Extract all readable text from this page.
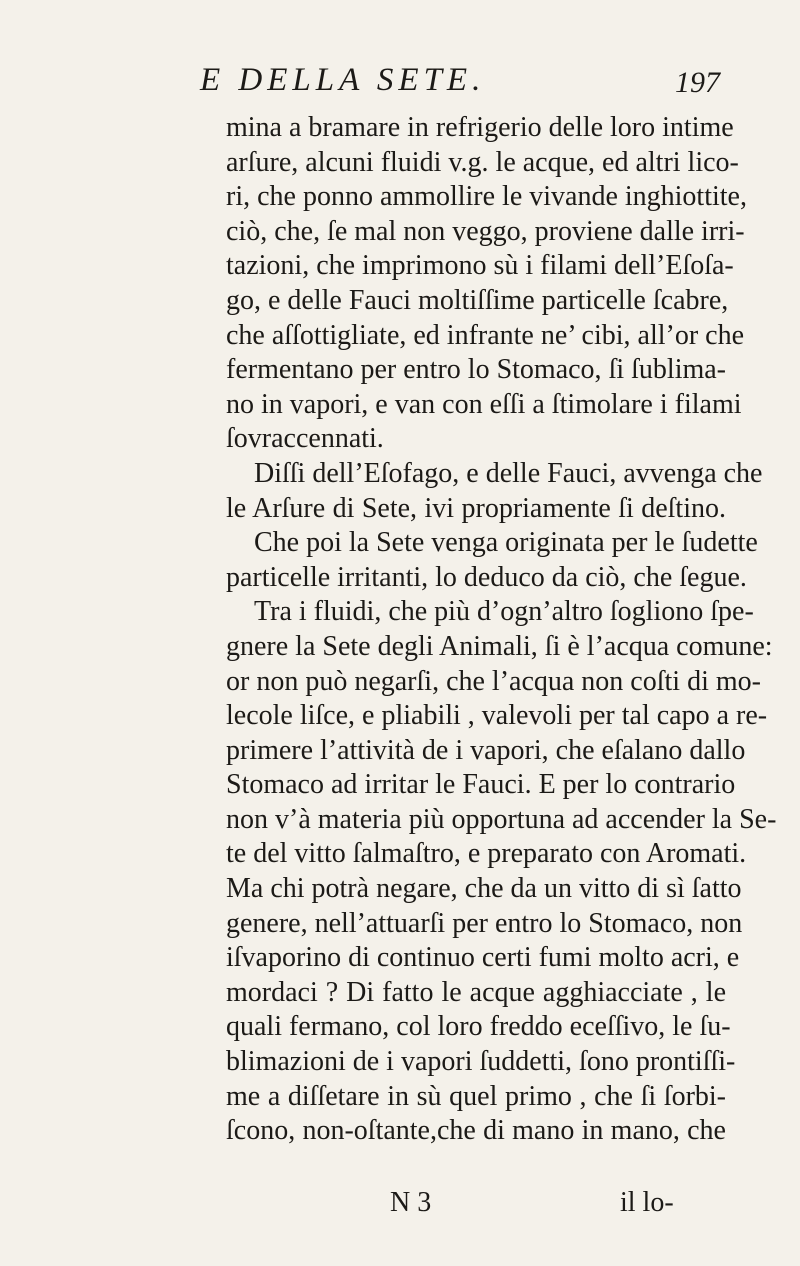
E DELLA SETE.	197
mina a bramare in refrigerio delle loro intime
arſure, alcuni fluidi v.g. le acque, ed altri lico-
ri, che ponno ammollire le vivande inghiottite,
ciò, che, ſe mal non veggo, proviene dalle irri-
tazioni, che imprimono sù i filami dell’Eſoſa-
go, e delle Fauci moltiſſime particelle ſcabre,
che aſſottigliate, ed infrante ne’ cibi, all’or che
fermentano per entro lo Stomaco, ſi ſublima-
no in vapori, e van con eſſi a ſtimolare i filami
ſovraccennati.
Diſſi dell’Eſofago, e delle Fauci, avvenga che
le Arſure di Sete, ivi propriamente ſi deſtino.
Che poi la Sete venga originata per le ſudette
particelle irritanti, lo deduco da ciò, che ſegue.
Tra i fluidi, che più d’ogn’altro ſogliono ſpe-
gnere la Sete degli Animali, ſi è l’acqua comune:
or non può negarſi, che l’acqua non coſti di mo-
lecole liſce, e pliabili , valevoli per tal capo a re-
primere l’attività de i vapori, che eſalano dallo
Stomaco ad irritar le Fauci. E per lo contrario
non v’à materia più opportuna ad accender la Se-
te del vitto ſalmaſtro, e preparato con Aromati.
Ma chi potrà negare, che da un vitto di sì ſatto
genere, nell’attuarſi per entro lo Stomaco, non
iſvaporino di continuo certi fumi molto acri, e
mordaci ? Di fatto le acque agghiacciate , le
quali fermano, col loro freddo eceſſivo, le ſu-
blimazioni de i vapori ſuddetti, ſono prontiſſi-
me a diſſetare in sù quel primo , che ſi ſorbi-
ſcono, non-oſtante,che di mano in mano, che
N 3	il lo-
